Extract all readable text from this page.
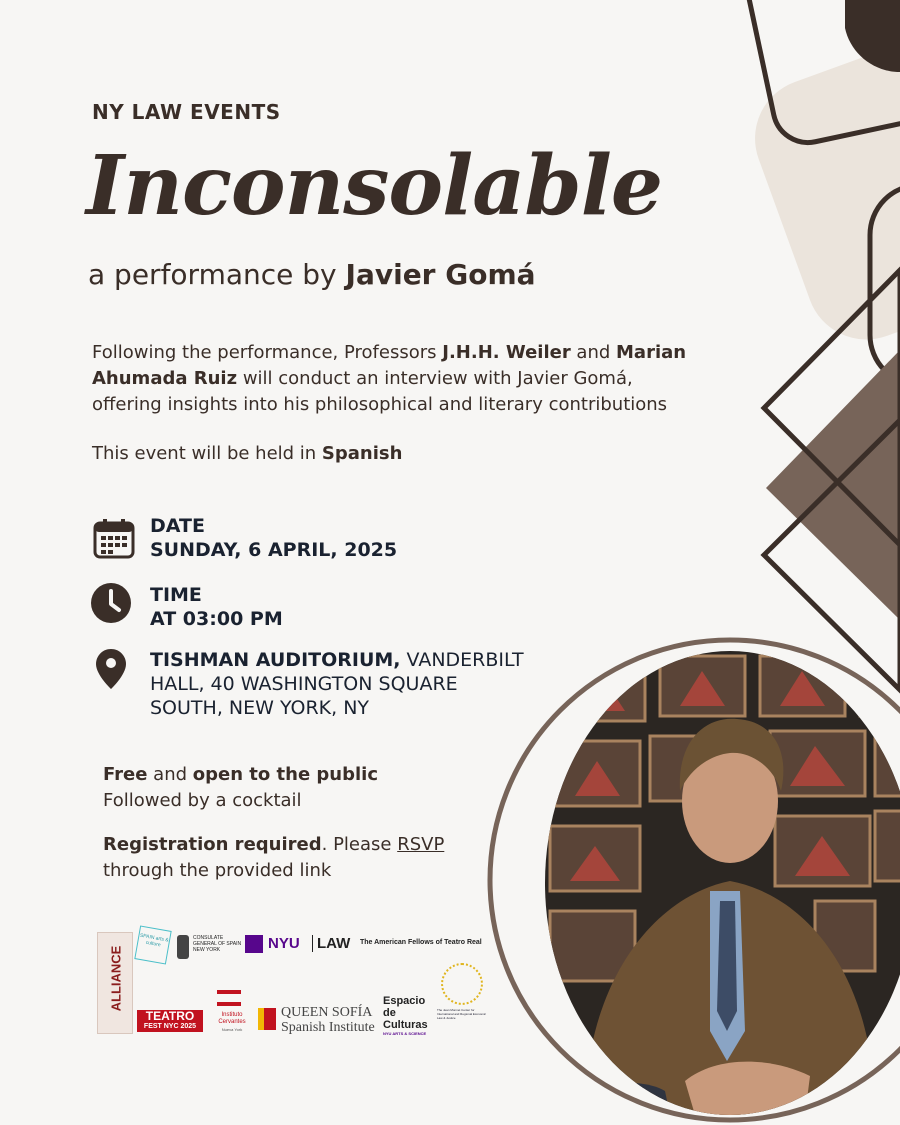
NY LAW EVENTS
Inconsolable
a performance by Javier Gomá
Following the performance, Professors J.H.H. Weiler and Marian Ahumada Ruiz will conduct an interview with Javier Gomá, offering insights into his philosophical and literary contributions
This event will be held in Spanish
DATE
SUNDAY, 6 APRIL, 2025
TIME
AT 03:00 PM
TISHMAN AUDITORIUM, VANDERBILT HALL, 40 WASHINGTON SQUARE SOUTH, NEW YORK, NY
Free and open to the public
Followed by a cocktail
Registration required. Please RSVP
through the provided link
ALLIANCE
SPAIN arts & culture
CONSULATE GENERAL OF SPAIN NEW YORK	NYU	LAW The American Fellows of Teatro Real
The Jean Monnet Center for International and Regional Economic Law & Justice
TEATRO
FEST NYC 2025
Instituto Cervantes
Nueva York
QUEEN SOFÍA
Spanish Institute
Espacio
de
Culturas
NYU ARTS & SCIENCE
